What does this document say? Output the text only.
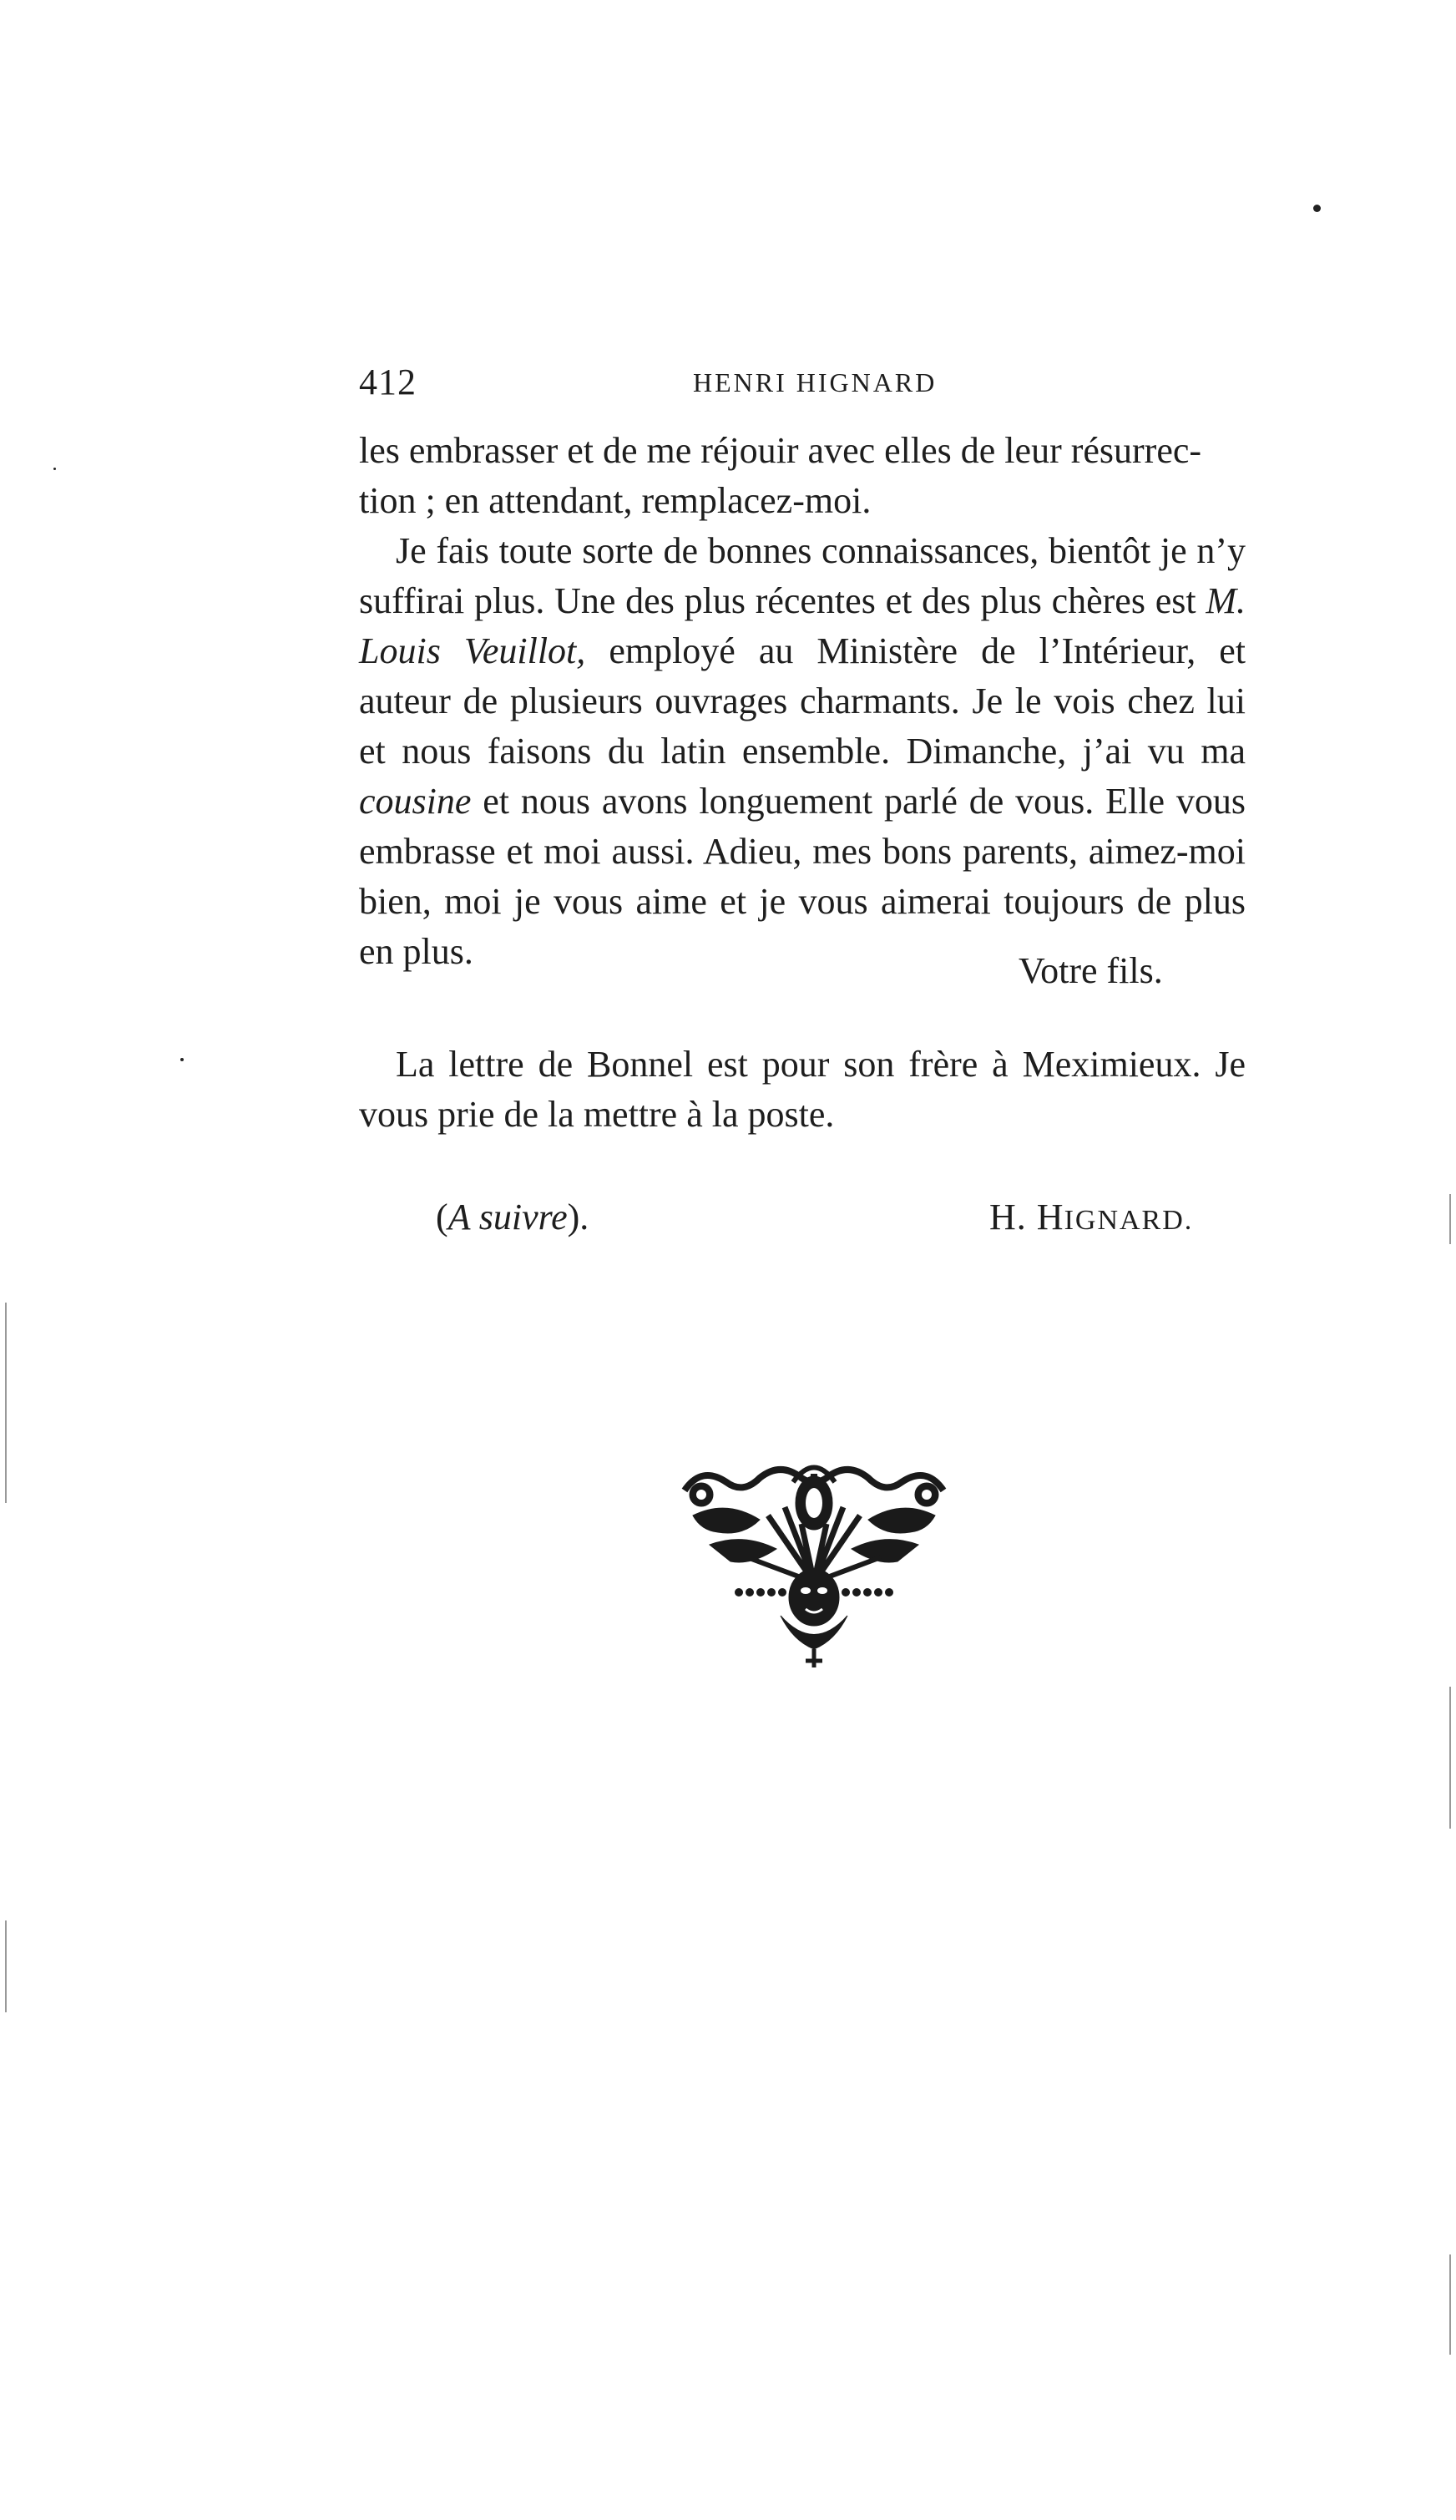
412	HENRI HIGNARD

les embrasser et de me réjouir avec elles de leur résurrec-
tion ; en attendant, remplacez-moi.

Je fais toute sorte de bonnes connaissances, bientôt je n’y suffirai plus. Une des plus récentes et des plus chères est M. Louis Veuillot, employé au Ministère de l’Intérieur, et auteur de plusieurs ouvrages charmants. Je le vois chez lui et nous faisons du latin ensemble. Dimanche, j’ai vu ma cousine et nous avons longuement parlé de vous. Elle vous embrasse et moi aussi. Adieu, mes bons parents, aimez-moi bien, moi je vous aime et je vous aimerai toujours de plus en plus.	Votre fils.

La lettre de Bonnel est pour son frère à Meximieux. Je vous prie de la mettre à la poste.

(A suivre).	H. HIGNARD.
